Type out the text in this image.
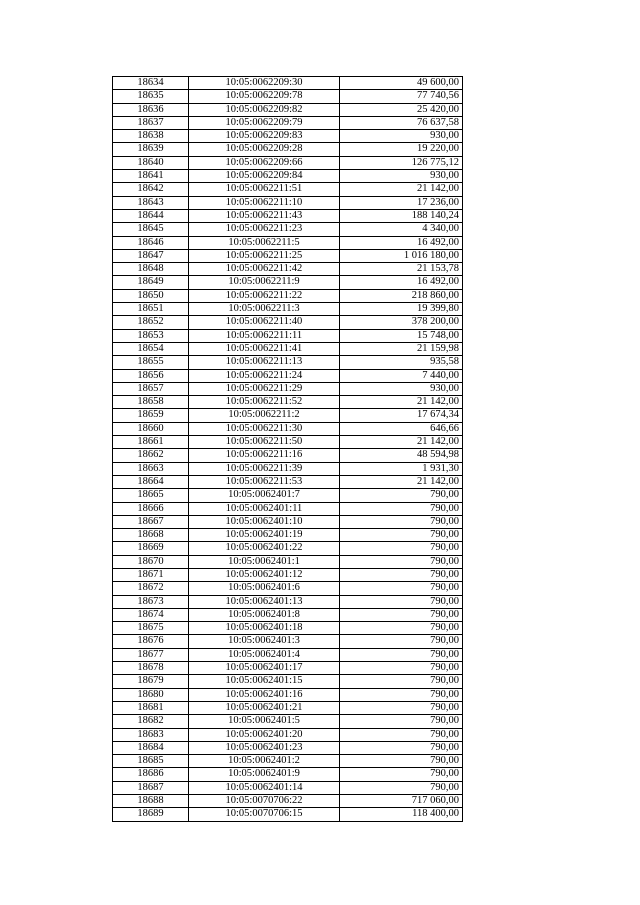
18634	10:05:0062209:30	49 600,00
18635	10:05:0062209:78	77 740,56
18636	10:05:0062209:82	25 420,00
18637	10:05:0062209:79	76 637,58
18638	10:05:0062209:83	930,00
18639	10:05:0062209:28	19 220,00
18640	10:05:0062209:66	126 775,12
18641	10:05:0062209:84	930,00
18642	10:05:0062211:51	21 142,00
18643	10:05:0062211:10	17 236,00
18644	10:05:0062211:43	188 140,24
18645	10:05:0062211:23	4 340,00
18646	10:05:0062211:5	16 492,00
18647	10:05:0062211:25	1 016 180,00
18648	10:05:0062211:42	21 153,78
18649	10:05:0062211:9	16 492,00
18650	10:05:0062211:22	218 860,00
18651	10:05:0062211:3	19 399,80
18652	10:05:0062211:40	378 200,00
18653	10:05:0062211:11	15 748,00
18654	10:05:0062211:41	21 159,98
18655	10:05:0062211:13	935,58
18656	10:05:0062211:24	7 440,00
18657	10:05:0062211:29	930,00
18658	10:05:0062211:52	21 142,00
18659	10:05:0062211:2	17 674,34
18660	10:05:0062211:30	646,66
18661	10:05:0062211:50	21 142,00
18662	10:05:0062211:16	48 594,98
18663	10:05:0062211:39	1 931,30
18664	10:05:0062211:53	21 142,00
18665	10:05:0062401:7	790,00
18666	10:05:0062401:11	790,00
18667	10:05:0062401:10	790,00
18668	10:05:0062401:19	790,00
18669	10:05:0062401:22	790,00
18670	10:05:0062401:1	790,00
18671	10:05:0062401:12	790,00
18672	10:05:0062401:6	790,00
18673	10:05:0062401:13	790,00
18674	10:05:0062401:8	790,00
18675	10:05:0062401:18	790,00
18676	10:05:0062401:3	790,00
18677	10:05:0062401:4	790,00
18678	10:05:0062401:17	790,00
18679	10:05:0062401:15	790,00
18680	10:05:0062401:16	790,00
18681	10:05:0062401:21	790,00
18682	10:05:0062401:5	790,00
18683	10:05:0062401:20	790,00
18684	10:05:0062401:23	790,00
18685	10:05:0062401:2	790,00
18686	10:05:0062401:9	790,00
18687	10:05:0062401:14	790,00
18688	10:05:0070706:22	717 060,00
18689	10:05:0070706:15	118 400,00
